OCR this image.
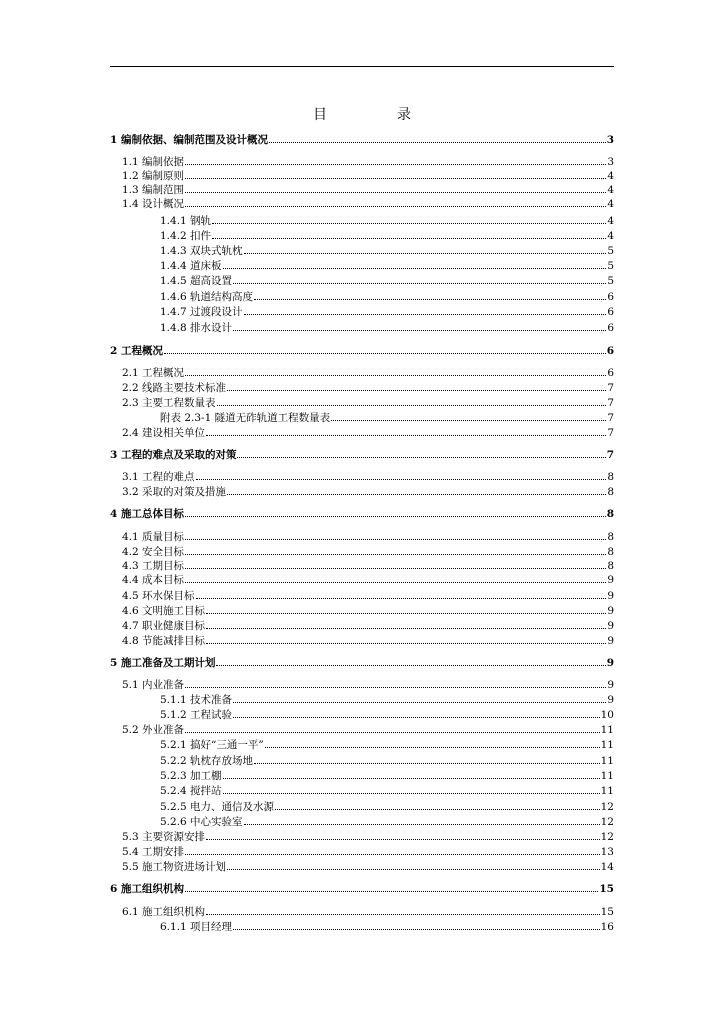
目　录
1 编制依据、编制范围及设计概况	3
1.1 编制依据	3
1.2 编制原则	4
1.3 编制范围	4
1.4 设计概况	4
1.4.1 钢轨	4
1.4.2 扣件	4
1.4.3 双块式轨枕	5
1.4.4 道床板	5
1.4.5 超高设置	5
1.4.6 轨道结构高度	6
1.4.7 过渡段设计	6
1.4.8 排水设计	6
2 工程概况	6
2.1 工程概况	6
2.2 线路主要技术标准	7
2.3 主要工程数量表	7
附表 2.3-1 隧道无砟轨道工程数量表	7
2.4 建设相关单位	7
3 工程的难点及采取的对策	7
3.1 工程的难点	8
3.2 采取的对策及措施	8
4 施工总体目标	8
4.1 质量目标	8
4.2 安全目标	8
4.3 工期目标	8
4.4 成本目标	9
4.5 环水保目标	9
4.6 文明施工目标	9
4.7 职业健康目标	9
4.8 节能减排目标	9
5 施工准备及工期计划	9
5.1 内业准备	9
5.1.1 技术准备	9
5.1.2 工程试验	10
5.2 外业准备	11
5.2.1 搞好“三通一平”	11
5.2.2 轨枕存放场地	11
5.2.3 加工棚	11
5.2.4 搅拌站	11
5.2.5 电力、通信及水源	12
5.2.6 中心实验室	12
5.3 主要资源安排	12
5.4 工期安排	13
5.5 施工物资进场计划	14
6 施工组织机构	15
6.1 施工组织机构	15
6.1.1 项目经理	16
